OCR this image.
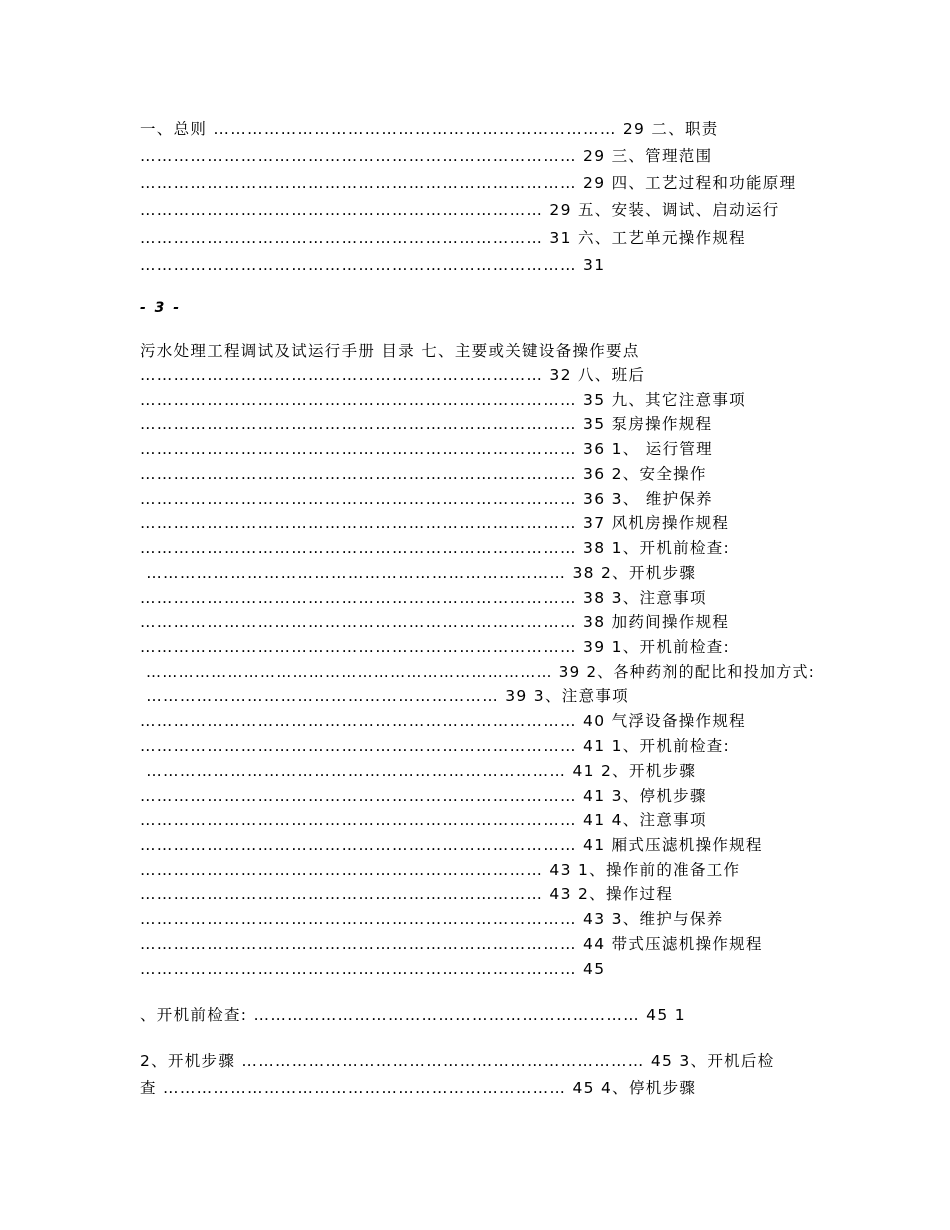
一、总则 ……………………………………………………………… 29 二、职责
…………………………………………………………………… 29 三、管理范围
…………………………………………………………………… 29 四、工艺过程和功能原理
……………………………………………………………… 29 五、安装、调试、启动运行
……………………………………………………………… 31 六、工艺单元操作规程
…………………………………………………………………… 31
- 3 -
污水处理工程调试及试运行手册 目录 七、主要或关键设备操作要点
……………………………………………………………… 32 八、班后
…………………………………………………………………… 35 九、其它注意事项
…………………………………………………………………… 35 泵房操作规程
…………………………………………………………………… 36 1、 运行管理
…………………………………………………………………… 36 2、安全操作
…………………………………………………………………… 36 3、 维护保养
…………………………………………………………………… 37 风机房操作规程
…………………………………………………………………… 38 1、开机前检查:
………………………………………………………………… 38 2、开机步骤
…………………………………………………………………… 38 3、注意事项
…………………………………………………………………… 38 加药间操作规程
…………………………………………………………………… 39 1、开机前检查:
………………………………………………………………… 39 2、各种药剂的配比和投加方式:
……………………………………………………… 39 3、注意事项
…………………………………………………………………… 40 气浮设备操作规程
…………………………………………………………………… 41 1、开机前检查:
………………………………………………………………… 41 2、开机步骤
…………………………………………………………………… 41 3、停机步骤
…………………………………………………………………… 41 4、注意事项
…………………………………………………………………… 41 厢式压滤机操作规程
……………………………………………………………… 43 1、操作前的准备工作
……………………………………………………………… 43 2、操作过程
…………………………………………………………………… 43 3、维护与保养
…………………………………………………………………… 44 带式压滤机操作规程
…………………………………………………………………… 45
、开机前检查: …………………………………………………………… 45 1
2、开机步骤 ……………………………………………………………… 45 3、开机后检
查 ……………………………………………………………… 45 4、停机步骤
